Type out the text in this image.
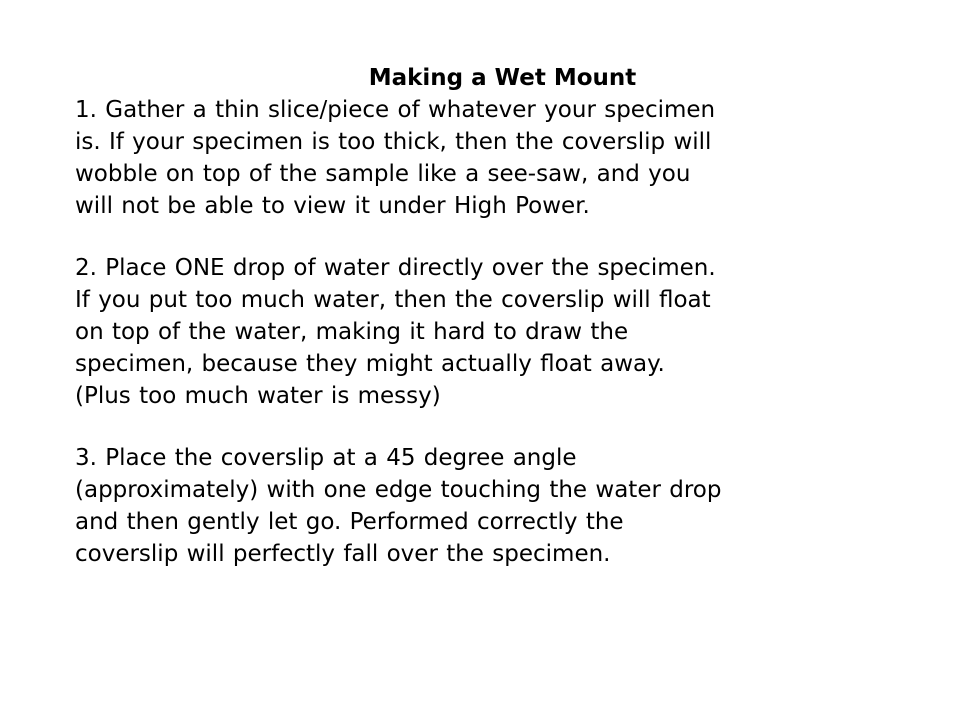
Making a Wet Mount

1. Gather a thin slice/piece of whatever your specimen
is. If your specimen is too thick, then the coverslip will
wobble on top of the sample like a see-saw, and you
will not be able to view it under High Power.

2. Place ONE drop of water directly over the specimen.
If you put too much water, then the coverslip will float
on top of the water, making it hard to draw the
specimen, because they might actually float away.
(Plus too much water is messy)

3. Place the coverslip at a 45 degree angle
(approximately) with one edge touching the water drop
and then gently let go. Performed correctly the
coverslip will perfectly fall over the specimen.
